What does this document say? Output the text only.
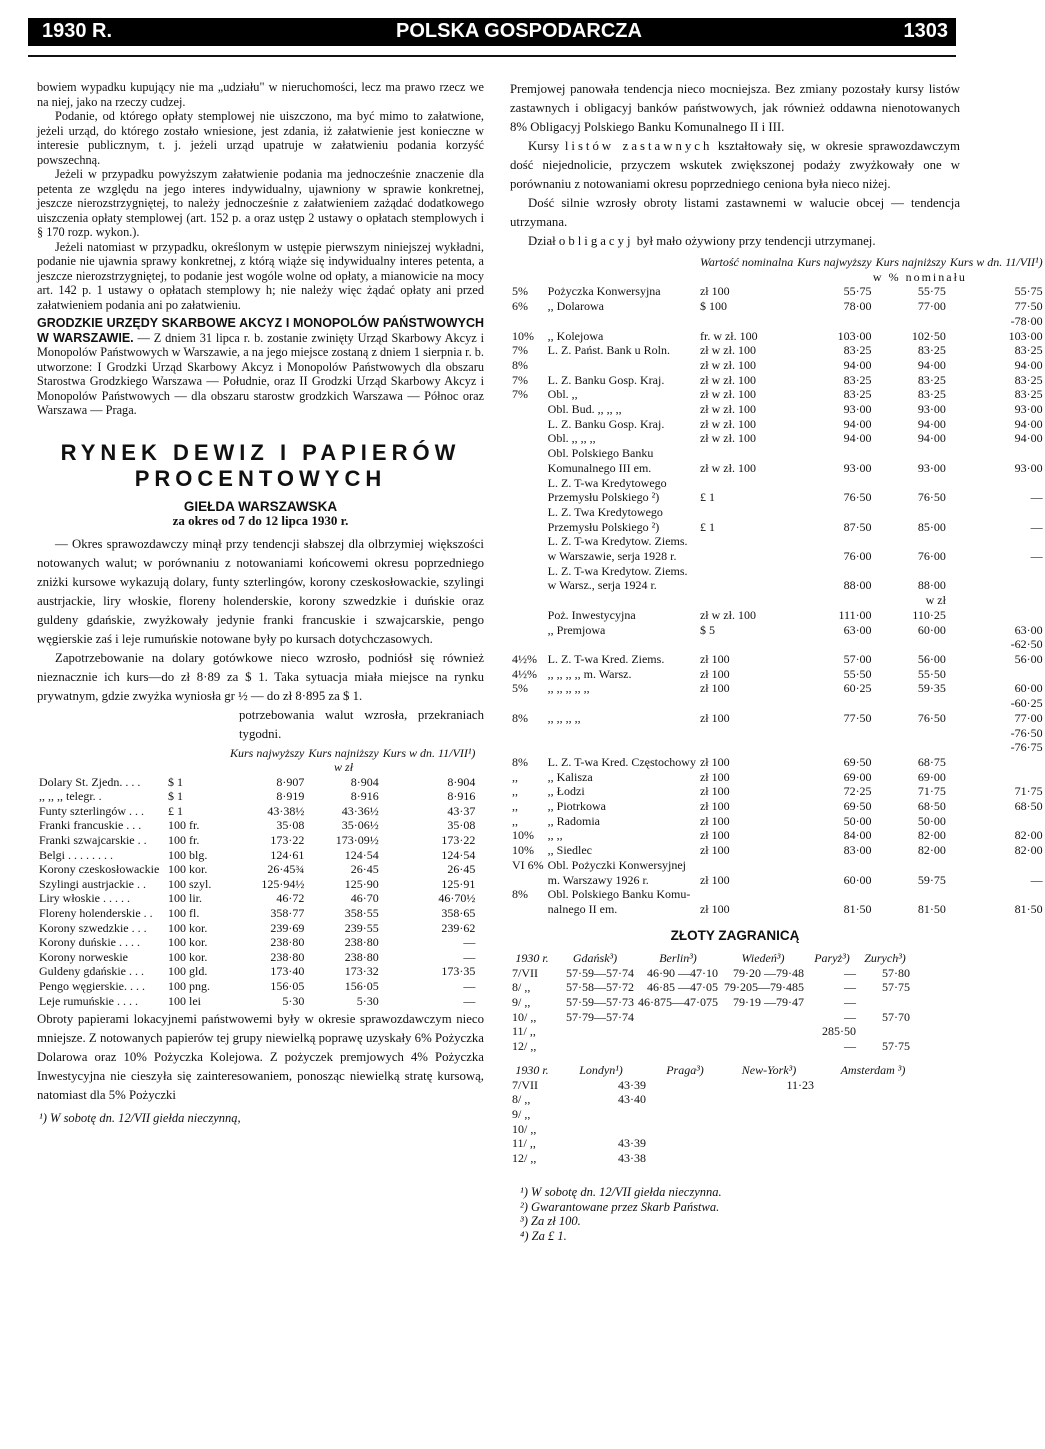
1930 R.	POLSKA GOSPODARCZA	1303

bowiem wypadku kupujący nie ma „udziału" w nieruchomości, lecz ma prawo rzecz we na niej, jako na rzeczy cudzej.

Podanie, od którego opłaty stemplowej nie uiszczono, ma być mimo to załatwione, jeżeli urząd, do którego zostało wniesione, jest zdania, iż załatwienie jest konieczne w interesie publicznym, t. j. jeżeli urząd upatruje w załatwieniu podania korzyść powszechną.

Jeżeli w przypadku powyższym załatwienie podania ma jednocześnie znaczenie dla petenta ze względu na jego interes indywidualny, ujawniony w sprawie konkretnej, jeszcze nierozstrzygniętej, to należy jednocześnie z załatwieniem zażądać dodatkowego uiszczenia opłaty stemplowej (art. 152 p. a oraz ustęp 2 ustawy o opłatach stemplowych i § 170 rozp. wykon.).

Jeżeli natomiast w przypadku, określonym w ustępie pierwszym niniejszej wykładni, podanie nie ujawnia sprawy konkretnej, z którą wiąże się indywidualny interes petenta, a jeszcze nierozstrzygniętej, to podanie jest wogóle wolne od opłaty, a mianowicie na mocy art. 142 p. 1 ustawy o opłatach stemplowy h; nie należy więc żądać opłaty ani przed załatwieniem podania ani po załatwieniu.

GRODZKIE URZĘDY SKARBOWE AKCYZ I MONOPOLÓW PAŃSTWOWYCH W WARSZAWIE. — Z dniem 31 lipca r. b. zostanie zwinięty Urząd Skarbowy Akcyz i Monopolów Państwowych w Warszawie, a na jego miejsce zostaną z dniem 1 sierpnia r. b. utworzone: I Grodzki Urząd Skarbowy Akcyz i Monopolów Państwowych dla obszaru Starostwa Grodzkiego Warszawa — Południe, oraz II Grodzki Urząd Skarbowy Akcyz i Monopolów Państwowych — dla obszaru starostw grodzkich Warszawa — Północ oraz Warszawa — Praga.

RYNEK DEWIZ I PAPIERÓW
PROCENTOWYCH
GIEŁDA WARSZAWSKA
za okres od 7 do 12 lipca 1930 r.

— Okres sprawozdawczy minął przy tendencji słabszej dla olbrzymiej większości notowanych walut; w porównaniu z notowaniami końcowemi okresu poprzedniego zniżki kursowe wykazują dolary, funty szterlingów, korony czeskosłowackie, szylingi austrjackie, liry włoskie, floreny holenderskie, korony szwedzkie i duńskie oraz guldeny gdańskie, zwyżkowały jedynie franki francuskie i szwajcarskie, pengo węgierskie zaś i leje rumuńskie notowane były po kursach dotychczasowych.

Zapotrzebowanie na dolary gotówkowe nieco wzrosło, podniósł się również nieznacznie ich kurs—do zł 8·89 za $ 1. Taka sytuacja miała miejsce na rynku prywatnym, gdzie zwyżka wyniosła gr ½ — do zł 8·895 za $ 1.

potrzebowania walut wzrosła, przekraniach tygodni.

		Kurs najwyższy	Kurs najniższy	Kurs w dn. 11/VII¹)
			w zł	
Dolary St. Zjedn. . . .	$ 1	8·907	8·904	8·904
,, ,, ,, telegr. .	$ 1	8·919	8·916	8·916
Funty szterlingów . . .	£ 1	43·38½	43·36½	43·37
Franki francuskie . . .	100 fr.	35·08	35·06½	35·08
Franki szwajcarskie . .	100 fr.	173·22	173·09½	173·22
Belgi . . . . . . . .	100 blg.	124·61	124·54	124·54
Korony czeskosłowackie	100 kor.	26·45¾	26·45	26·45
Szylingi austrjackie . .	100 szyl.	125·94½	125·90	125·91
Liry włoskie . . . . .	100 lir.	46·72	46·70	46·70½
Floreny holenderskie . .	100 fl.	358·77	358·55	358·65
Korony szwedzkie . . .	100 kor.	239·69	239·55	239·62
Korony duńskie . . . .	100 kor.	238·80	238·80	—
Korony norweskie	100 kor.	238·80	238·80	—
Guldeny gdańskie . . .	100 gld.	173·40	173·32	173·35
Pengo węgierskie. . . .	100 png.	156·05	156·05	—
Leje rumuńskie . . . .	100 lei	5·30	5·30	—

Obroty papierami lokacyjnemi państwowemi były w okresie sprawozdawczym nieco mniejsze. Z notowanych papierów tej grupy niewielką poprawę uzyskały 6% Pożyczka Dolarowa oraz 10% Pożyczka Kolejowa. Z pożyczek premjowych 4% Pożyczka Inwestycyjna nie cieszyła się zainteresowaniem, ponosząc niewielką stratę kursową, natomiast dla 5% Pożyczki

¹) W sobotę dn. 12/VII giełda nieczynną,

Premjowej panowała tendencja nieco mocniejsza. Bez zmiany pozostały kursy listów zastawnych i obligacyj banków państwowych, jak również oddawna nienotowanych 8% Obligacyj Polskiego Banku Komunalnego II i III.

Kursy listów zastawnych kształtowały się, w okresie sprawozdawczym dość niejednolicie, przyczem wskutek zwiększonej podaży zwyżkowały one w porównaniu z notowaniami okresu poprzedniego ceniona była nieco niżej.

Dość silnie wzrosły obroty listami zastawnemi w walucie obcej — tendencja utrzymana.

Dział obligacyj był mało ożywiony przy tendencji utrzymanej.

		Wartość nominalna	Kurs najwyższy	Kurs najniższy	Kurs w dn. 11/VII¹)
			w % nominału		
5%	Pożyczka Konwersyjna	zł 100	55·75	55·75	55·75
6%	,, Dolarowa	$ 100	78·00	77·00	77·50
					-78·00
10%	,, Kolejowa	fr. w zł. 100	103·00	102·50	103·00
7%	L. Z. Państ. Bank u Roln.	zł w zł. 100	83·25	83·25	83·25
8%		zł w zł. 100	94·00	94·00	94·00
7%	L. Z. Banku Gosp. Kraj.	zł w zł. 100	83·25	83·25	83·25
7%	Obl. ,,	zł w zł. 100	83·25	83·25	83·25
	Obl. Bud. ,, ,, ,,	zł w zł. 100	93·00	93·00	93·00
	L. Z. Banku Gosp. Kraj.	zł w zł. 100	94·00	94·00	94·00
	Obl. ,, ,, ,,	zł w zł. 100	94·00	94·00	94·00
	Obl. Polskiego Banku				
	Komunalnego III em.	zł w zł. 100	93·00	93·00	93·00
	L. Z. T-wa Kredytowego				
	Przemysłu Polskiego ²)	£ 1	76·50	76·50	—
	L. Z. Twa Kredytowego				
	Przemysłu Polskiego ²)	£ 1	87·50	85·00	—
	L. Z. T-wa Kredytow. Ziems.				
	w Warszawie, serja 1928 r.		76·00	76·00	—
	L. Z. T-wa Kredytow. Ziems.				
	w Warsz., serja 1924 r.		88·00	88·00	
				w zł	
	Poż. Inwestycyjna	zł w zł. 100	111·00	110·25	
	,, Premjowa	$ 5	63·00	60·00	63·00
					-62·50
4½%	L. Z. T-wa Kred. Ziems.	zł 100	57·00	56·00	56·00
4½%	,, ,, ,, ,, m. Warsz.	zł 100	55·50	55·50	
5%	,, ,, ,, ,, ,,	zł 100	60·25	59·35	60·00
					-60·25
8%	,, ,, ,, ,,	zł 100	77·50	76·50	77·00
					-76·50
					-76·75
8%	L. Z. T-wa Kred. Częstochowy	zł 100	69·50	68·75	
,,	,, Kalisza	zł 100	69·00	69·00	
,,	,, Łodzi	zł 100	72·25	71·75	71·75
,,	,, Piotrkowa	zł 100	69·50	68·50	68·50
,,	,, Radomia	zł 100	50·00	50·00	
10%	,, ,,	zł 100	84·00	82·00	82·00
10%	,, Siedlec	zł 100	83·00	82·00	82·00
VI 6%	Obl. Pożyczki Konwersyjnej				
	m. Warszawy 1926 r.	zł 100	60·00	59·75	—
8%	Obl. Polskiego Banku Komu-				
	nalnego II em.	zł 100	81·50	81·50	81·50
ZŁOTY ZAGRANICĄ
1930 r.	Gdańsk³)	Berlin³)	Wiedeń³)	Paryż³)	Zurych³)
7/VII	57·59—57·74	46·90 —47·10	79·20 —79·48	—	57·80
8/ ,,	57·58—57·72	46·85 —47·05	79·205—79·485	—	57·75
9/ ,,	57·59—57·73	46·875—47·075	79·19 —79·47	—	
10/ ,,	57·79—57·74			—	57·70
11/ ,,				285·50	
12/ ,,				—	57·75
1930 r.	Londyn¹)	Praga³)	New-York³)	Amsterdam ³)
7/VII	43·39		11·23	
8/ ,,	43·40			
9/ ,,				
10/ ,,				
11/ ,,	43·39			
12/ ,,	43·38			

¹) W sobotę dn. 12/VII giełda nieczynna.

²) Gwarantowane przez Skarb Państwa.

³) Za zł 100.

⁴) Za £ 1.
